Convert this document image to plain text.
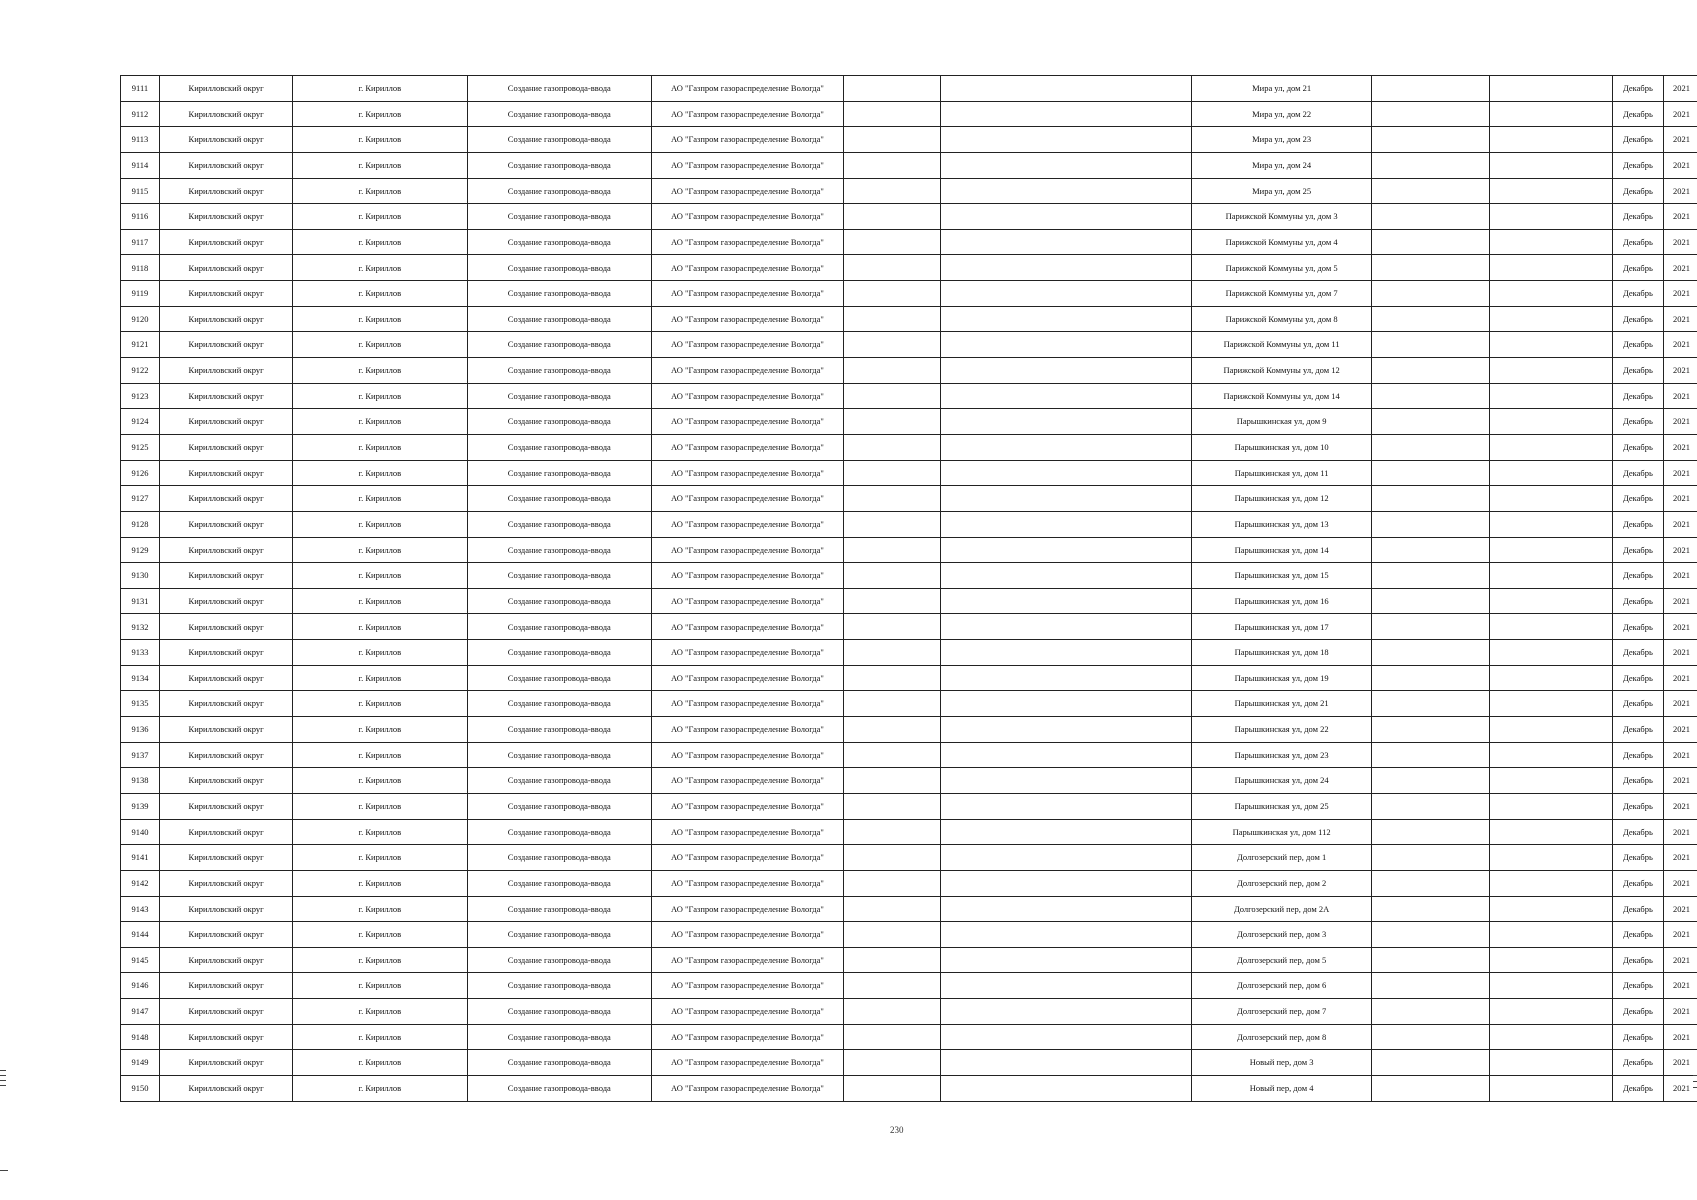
9111	Кирилловский округ	г. Кириллов	Создание газопровода-ввода	АО "Газпром газораспределение Вологда"			Мира ул, дом 21			Декабрь	2021
9112	Кирилловский округ	г. Кириллов	Создание газопровода-ввода	АО "Газпром газораспределение Вологда"			Мира ул, дом 22			Декабрь	2021
9113	Кирилловский округ	г. Кириллов	Создание газопровода-ввода	АО "Газпром газораспределение Вологда"			Мира ул, дом 23			Декабрь	2021
9114	Кирилловский округ	г. Кириллов	Создание газопровода-ввода	АО "Газпром газораспределение Вологда"			Мира ул, дом 24			Декабрь	2021
9115	Кирилловский округ	г. Кириллов	Создание газопровода-ввода	АО "Газпром газораспределение Вологда"			Мира ул, дом 25			Декабрь	2021
9116	Кирилловский округ	г. Кириллов	Создание газопровода-ввода	АО "Газпром газораспределение Вологда"			Парижской Коммуны ул, дом 3			Декабрь	2021
9117	Кирилловский округ	г. Кириллов	Создание газопровода-ввода	АО "Газпром газораспределение Вологда"			Парижской Коммуны ул, дом 4			Декабрь	2021
9118	Кирилловский округ	г. Кириллов	Создание газопровода-ввода	АО "Газпром газораспределение Вологда"			Парижской Коммуны ул, дом 5			Декабрь	2021
9119	Кирилловский округ	г. Кириллов	Создание газопровода-ввода	АО "Газпром газораспределение Вологда"			Парижской Коммуны ул, дом 7			Декабрь	2021
9120	Кирилловский округ	г. Кириллов	Создание газопровода-ввода	АО "Газпром газораспределение Вологда"			Парижской Коммуны ул, дом 8			Декабрь	2021
9121	Кирилловский округ	г. Кириллов	Создание газопровода-ввода	АО "Газпром газораспределение Вологда"			Парижской Коммуны ул, дом 11			Декабрь	2021
9122	Кирилловский округ	г. Кириллов	Создание газопровода-ввода	АО "Газпром газораспределение Вологда"			Парижской Коммуны ул, дом 12			Декабрь	2021
9123	Кирилловский округ	г. Кириллов	Создание газопровода-ввода	АО "Газпром газораспределение Вологда"			Парижской Коммуны ул, дом 14			Декабрь	2021
9124	Кирилловский округ	г. Кириллов	Создание газопровода-ввода	АО "Газпром газораспределение Вологда"			Парышкинская ул, дом 9			Декабрь	2021
9125	Кирилловский округ	г. Кириллов	Создание газопровода-ввода	АО "Газпром газораспределение Вологда"			Парышкинская ул, дом 10			Декабрь	2021
9126	Кирилловский округ	г. Кириллов	Создание газопровода-ввода	АО "Газпром газораспределение Вологда"			Парышкинская ул, дом 11			Декабрь	2021
9127	Кирилловский округ	г. Кириллов	Создание газопровода-ввода	АО "Газпром газораспределение Вологда"			Парышкинская ул, дом 12			Декабрь	2021
9128	Кирилловский округ	г. Кириллов	Создание газопровода-ввода	АО "Газпром газораспределение Вологда"			Парышкинская ул, дом 13			Декабрь	2021
9129	Кирилловский округ	г. Кириллов	Создание газопровода-ввода	АО "Газпром газораспределение Вологда"			Парышкинская ул, дом 14			Декабрь	2021
9130	Кирилловский округ	г. Кириллов	Создание газопровода-ввода	АО "Газпром газораспределение Вологда"			Парышкинская ул, дом 15			Декабрь	2021
9131	Кирилловский округ	г. Кириллов	Создание газопровода-ввода	АО "Газпром газораспределение Вологда"			Парышкинская ул, дом 16			Декабрь	2021
9132	Кирилловский округ	г. Кириллов	Создание газопровода-ввода	АО "Газпром газораспределение Вологда"			Парышкинская ул, дом 17			Декабрь	2021
9133	Кирилловский округ	г. Кириллов	Создание газопровода-ввода	АО "Газпром газораспределение Вологда"			Парышкинская ул, дом 18			Декабрь	2021
9134	Кирилловский округ	г. Кириллов	Создание газопровода-ввода	АО "Газпром газораспределение Вологда"			Парышкинская ул, дом 19			Декабрь	2021
9135	Кирилловский округ	г. Кириллов	Создание газопровода-ввода	АО "Газпром газораспределение Вологда"			Парышкинская ул, дом 21			Декабрь	2021
9136	Кирилловский округ	г. Кириллов	Создание газопровода-ввода	АО "Газпром газораспределение Вологда"			Парышкинская ул, дом 22			Декабрь	2021
9137	Кирилловский округ	г. Кириллов	Создание газопровода-ввода	АО "Газпром газораспределение Вологда"			Парышкинская ул, дом 23			Декабрь	2021
9138	Кирилловский округ	г. Кириллов	Создание газопровода-ввода	АО "Газпром газораспределение Вологда"			Парышкинская ул, дом 24			Декабрь	2021
9139	Кирилловский округ	г. Кириллов	Создание газопровода-ввода	АО "Газпром газораспределение Вологда"			Парышкинская ул, дом 25			Декабрь	2021
9140	Кирилловский округ	г. Кириллов	Создание газопровода-ввода	АО "Газпром газораспределение Вологда"			Парышкинская ул, дом 112			Декабрь	2021
9141	Кирилловский округ	г. Кириллов	Создание газопровода-ввода	АО "Газпром газораспределение Вологда"			Долгозерский пер, дом 1			Декабрь	2021
9142	Кирилловский округ	г. Кириллов	Создание газопровода-ввода	АО "Газпром газораспределение Вологда"			Долгозерский пер, дом 2			Декабрь	2021
9143	Кирилловский округ	г. Кириллов	Создание газопровода-ввода	АО "Газпром газораспределение Вологда"			Долгозерский пер, дом 2А			Декабрь	2021
9144	Кирилловский округ	г. Кириллов	Создание газопровода-ввода	АО "Газпром газораспределение Вологда"			Долгозерский пер, дом 3			Декабрь	2021
9145	Кирилловский округ	г. Кириллов	Создание газопровода-ввода	АО "Газпром газораспределение Вологда"			Долгозерский пер, дом 5			Декабрь	2021
9146	Кирилловский округ	г. Кириллов	Создание газопровода-ввода	АО "Газпром газораспределение Вологда"			Долгозерский пер, дом 6			Декабрь	2021
9147	Кирилловский округ	г. Кириллов	Создание газопровода-ввода	АО "Газпром газораспределение Вологда"			Долгозерский пер, дом 7			Декабрь	2021
9148	Кирилловский округ	г. Кириллов	Создание газопровода-ввода	АО "Газпром газораспределение Вологда"			Долгозерский пер, дом 8			Декабрь	2021
9149	Кирилловский округ	г. Кириллов	Создание газопровода-ввода	АО "Газпром газораспределение Вологда"			Новый пер, дом 3			Декабрь	2021
9150	Кирилловский округ	г. Кириллов	Создание газопровода-ввода	АО "Газпром газораспределение Вологда"			Новый пер, дом 4			Декабрь	2021
230
